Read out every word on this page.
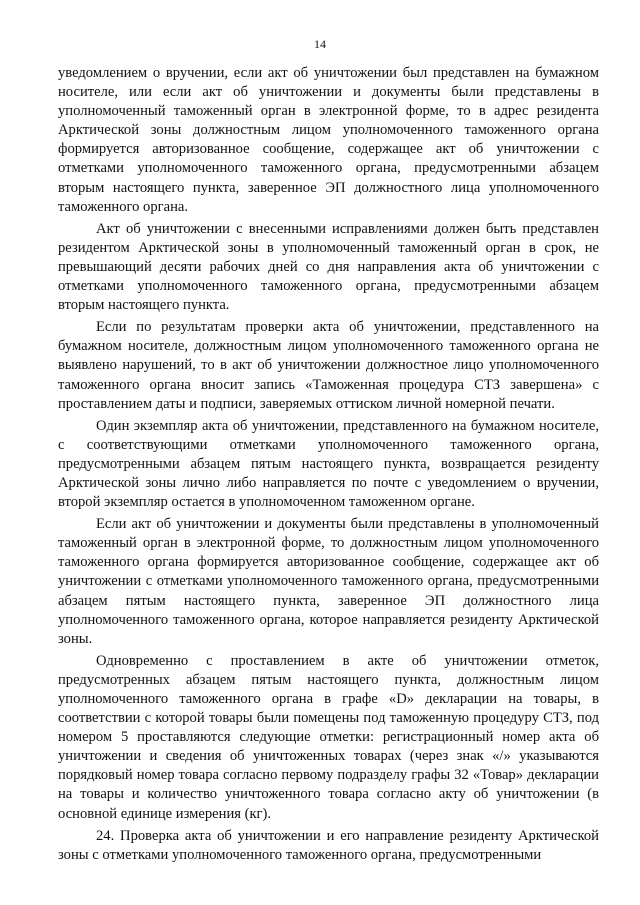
14

уведомлением о вручении, если акт об уничтожении был представлен на бумажном носителе, или если акт об уничтожении и документы были представлены в уполномоченный таможенный орган в электронной форме, то в адрес резидента Арктической зоны должностным лицом уполномоченного таможенного органа формируется авторизованное сообщение, содержащее акт об уничтожении с отметками уполномоченного таможенного органа, предусмотренными абзацем вторым настоящего пункта, заверенное ЭП должностного лица уполномоченного таможенного органа.

Акт об уничтожении с внесенными исправлениями должен быть представлен резидентом Арктической зоны в уполномоченный таможенный орган в срок, не превышающий десяти рабочих дней со дня направления акта об уничтожении с отметками уполномоченного таможенного органа, предусмотренными абзацем вторым настоящего пункта.

Если по результатам проверки акта об уничтожении, представленного на бумажном носителе, должностным лицом уполномоченного таможенного органа не выявлено нарушений, то в акт об уничтожении должностное лицо уполномоченного таможенного органа вносит запись «Таможенная процедура СТЗ завершена» с проставлением даты и подписи, заверяемых оттиском личной номерной печати.

Один экземпляр акта об уничтожении, представленного на бумажном носителе, с соответствующими отметками уполномоченного таможенного органа, предусмотренными абзацем пятым настоящего пункта, возвращается резиденту Арктической зоны лично либо направляется по почте с уведомлением о вручении, второй экземпляр остается в уполномоченном таможенном органе.

Если акт об уничтожении и документы были представлены в уполномоченный таможенный орган в электронной форме, то должностным лицом уполномоченного таможенного органа формируется авторизованное сообщение, содержащее акт об уничтожении с отметками уполномоченного таможенного органа, предусмотренными абзацем пятым настоящего пункта, заверенное ЭП должностного лица уполномоченного таможенного органа, которое направляется резиденту Арктической зоны.

Одновременно с проставлением в акте об уничтожении отметок, предусмотренных абзацем пятым настоящего пункта, должностным лицом уполномоченного таможенного органа в графе «D» декларации на товары, в соответствии с которой товары были помещены под таможенную процедуру СТЗ, под номером 5 проставляются следующие отметки: регистрационный номер акта об уничтожении и сведения об уничтоженных товарах (через знак «/» указываются порядковый номер товара согласно первому подразделу графы 32 «Товар» декларации на товары и количество уничтоженного товара согласно акту об уничтожении (в основной единице измерения (кг).

24. Проверка акта об уничтожении и его направление резиденту Арктической зоны с отметками уполномоченного таможенного органа, предусмотренными
